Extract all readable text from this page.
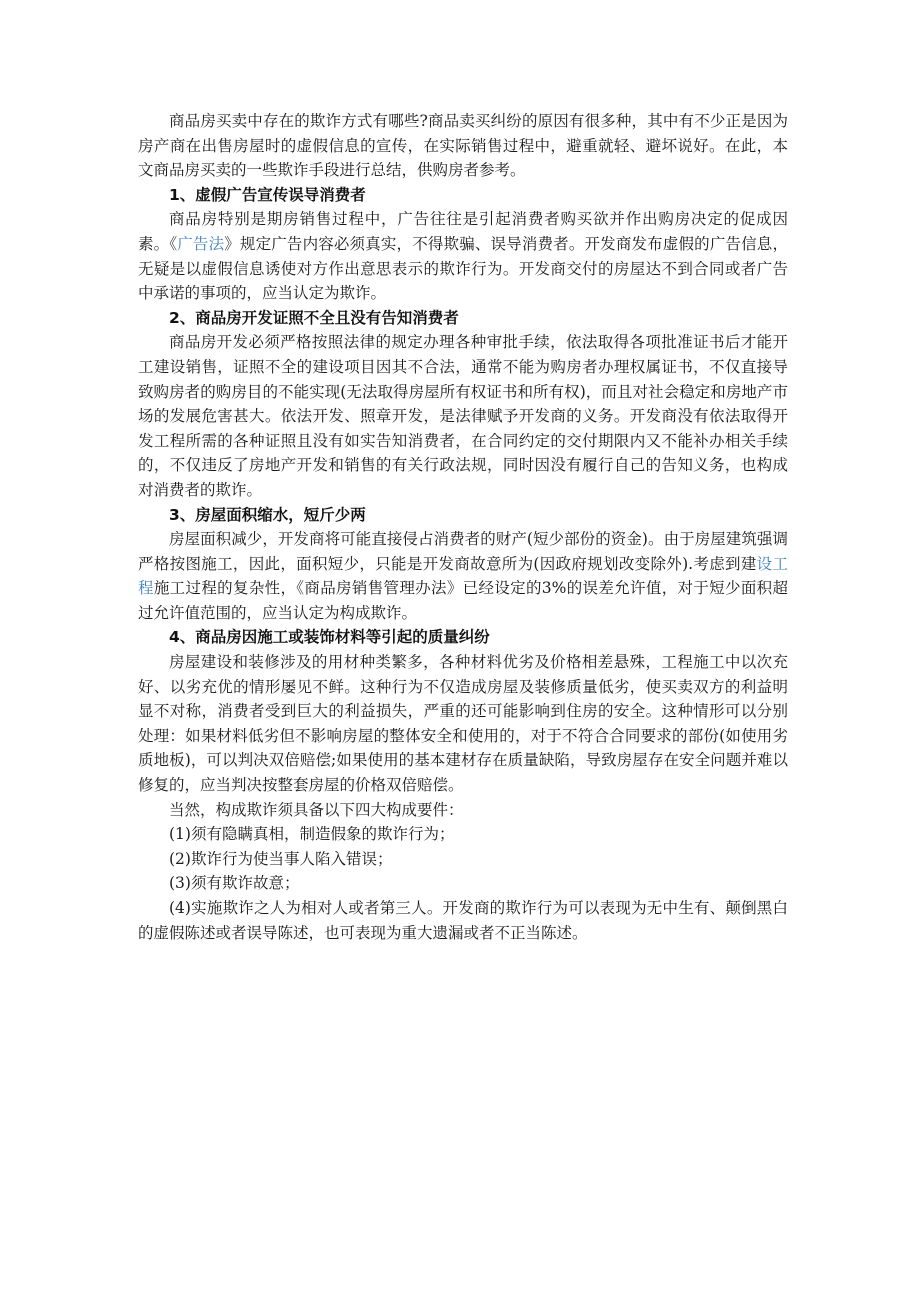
商品房买卖中存在的欺诈方式有哪些?商品卖买纠纷的原因有很多种，其中有不少正是因为房产商在出售房屋时的虚假信息的宣传，在实际销售过程中，避重就轻、避坏说好。在此，本文商品房买卖的一些欺诈手段进行总结，供购房者参考。

1、虚假广告宣传误导消费者

商品房特别是期房销售过程中，广告往往是引起消费者购买欲并作出购房决定的促成因素。《广告法》规定广告内容必须真实，不得欺骗、误导消费者。开发商发布虚假的广告信息，无疑是以虚假信息诱使对方作出意思表示的欺诈行为。开发商交付的房屋达不到合同或者广告中承诺的事项的，应当认定为欺诈。

2、商品房开发证照不全且没有告知消费者

商品房开发必须严格按照法律的规定办理各种审批手续，依法取得各项批准证书后才能开工建设销售，证照不全的建设项目因其不合法，通常不能为购房者办理权属证书，不仅直接导致购房者的购房目的不能实现(无法取得房屋所有权证书和所有权)，而且对社会稳定和房地产市场的发展危害甚大。依法开发、照章开发，是法律赋予开发商的义务。开发商没有依法取得开发工程所需的各种证照且没有如实告知消费者，在合同约定的交付期限内又不能补办相关手续的，不仅违反了房地产开发和销售的有关行政法规，同时因没有履行自己的告知义务，也构成对消费者的欺诈。

3、房屋面积缩水，短斤少两

房屋面积减少，开发商将可能直接侵占消费者的财产(短少部份的资金)。由于房屋建筑强调严格按图施工，因此，面积短少，只能是开发商故意所为(因政府规划改变除外).考虑到建设工程施工过程的复杂性，《商品房销售管理办法》已经设定的3%的误差允许值，对于短少面积超过允许值范围的，应当认定为构成欺诈。

4、商品房因施工或装饰材料等引起的质量纠纷

房屋建设和装修涉及的用材种类繁多，各种材料优劣及价格相差悬殊，工程施工中以次充好、以劣充优的情形屡见不鲜。这种行为不仅造成房屋及装修质量低劣，使买卖双方的利益明显不对称，消费者受到巨大的利益损失，严重的还可能影响到住房的安全。这种情形可以分别处理：如果材料低劣但不影响房屋的整体安全和使用的，对于不符合合同要求的部份(如使用劣质地板)，可以判决双倍赔偿;如果使用的基本建材存在质量缺陷，导致房屋存在安全问题并难以修复的，应当判决按整套房屋的价格双倍赔偿。

当然，构成欺诈须具备以下四大构成要件：

(1)须有隐瞒真相，制造假象的欺诈行为；

(2)欺诈行为使当事人陷入错误；

(3)须有欺诈故意；

(4)实施欺诈之人为相对人或者第三人。开发商的欺诈行为可以表现为无中生有、颠倒黑白的虚假陈述或者误导陈述，也可表现为重大遗漏或者不正当陈述。
